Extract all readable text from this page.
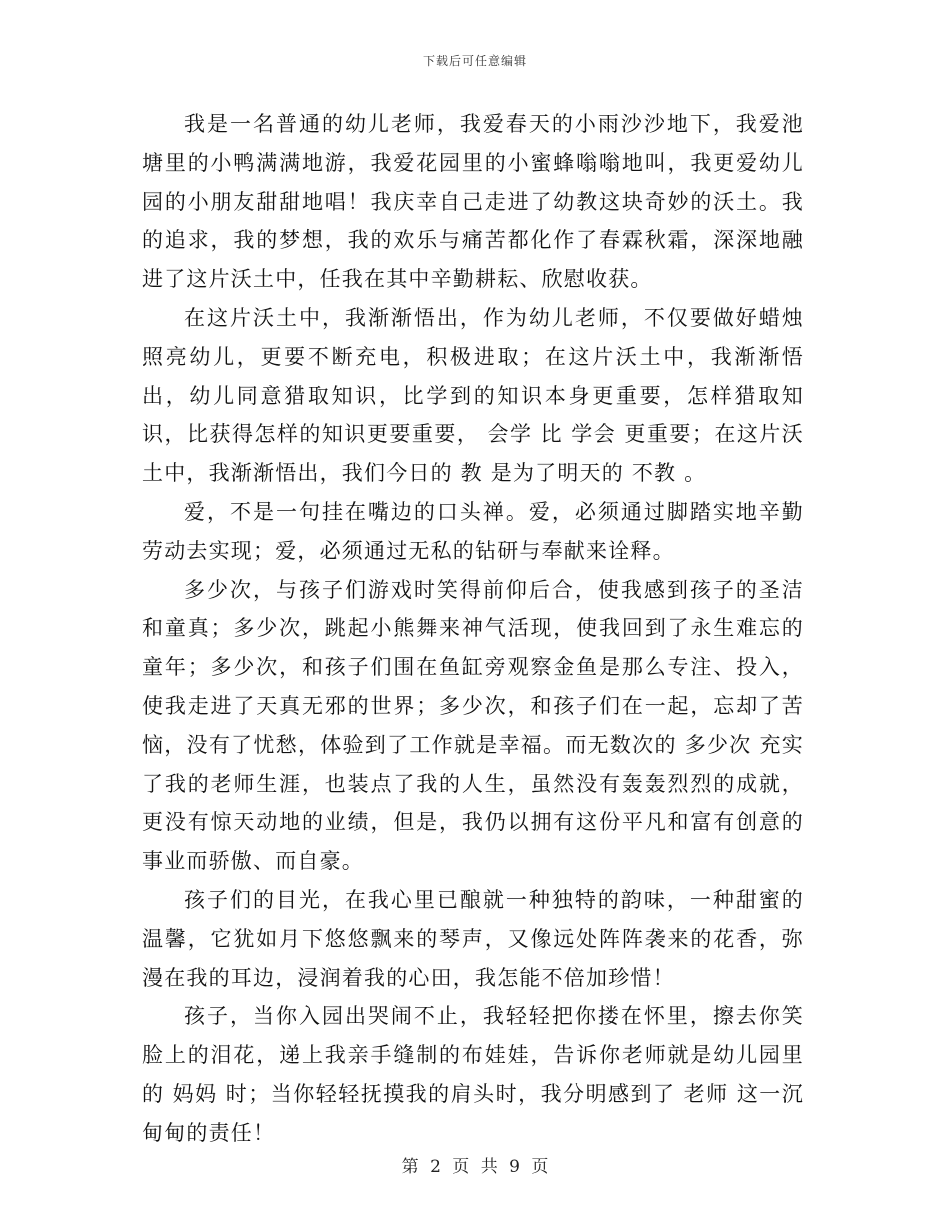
下载后可任意编辑

我是一名普通的幼儿老师，我爱春天的小雨沙沙地下，我爱池塘里的小鸭满满地游，我爱花园里的小蜜蜂嗡嗡地叫，我更爱幼儿园的小朋友甜甜地唱！我庆幸自己走进了幼教这块奇妙的沃土。我的追求，我的梦想，我的欢乐与痛苦都化作了春霖秋霜，深深地融进了这片沃土中，任我在其中辛勤耕耘、欣慰收获。

在这片沃土中，我渐渐悟出，作为幼儿老师，不仅要做好蜡烛照亮幼儿，更要不断充电，积极进取；在这片沃土中，我渐渐悟出，幼儿同意猎取知识，比学到的知识本身更重要，怎样猎取知识，比获得怎样的知识更要重要， 会学 比 学会 更重要；在这片沃土中，我渐渐悟出，我们今日的 教 是为了明天的 不教 。

爱，不是一句挂在嘴边的口头禅。爱，必须通过脚踏实地辛勤劳动去实现；爱，必须通过无私的钻研与奉献来诠释。

多少次，与孩子们游戏时笑得前仰后合，使我感到孩子的圣洁和童真；多少次，跳起小熊舞来神气活现，使我回到了永生难忘的童年；多少次，和孩子们围在鱼缸旁观察金鱼是那么专注、投入，使我走进了天真无邪的世界；多少次，和孩子们在一起，忘却了苦恼，没有了忧愁，体验到了工作就是幸福。而无数次的 多少次 充实了我的老师生涯，也装点了我的人生，虽然没有轰轰烈烈的成就，更没有惊天动地的业绩，但是，我仍以拥有这份平凡和富有创意的事业而骄傲、而自豪。

孩子们的目光，在我心里已酿就一种独特的韵味，一种甜蜜的温馨，它犹如月下悠悠飘来的琴声，又像远处阵阵袭来的花香，弥漫在我的耳边，浸润着我的心田，我怎能不倍加珍惜！

孩子，当你入园出哭闹不止，我轻轻把你搂在怀里，擦去你笑脸上的泪花，递上我亲手缝制的布娃娃，告诉你老师就是幼儿园里的 妈妈 时；当你轻轻抚摸我的肩头时，我分明感到了 老师 这一沉甸甸的责任！

第 2 页 共 9 页
